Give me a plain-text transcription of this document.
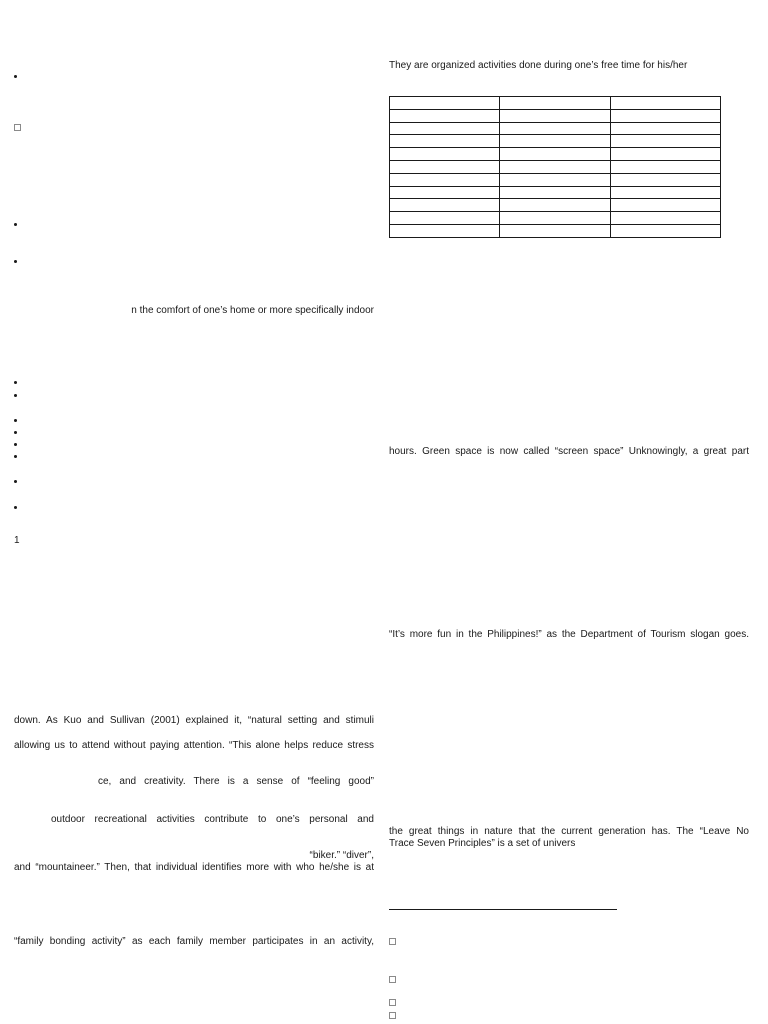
n the comfort of one’s home or more specifically indoor
1
down. As Kuo and Sullivan (2001) explained it, “natural setting and stimuli
allowing us to attend without paying attention. “This alone helps reduce stress
ce, and creativity. There is a sense of “feeling good”
outdoor recreational activities contribute to one’s personal and
“biker.” “diver”,
and “mountaineer.” Then, that individual identifies more with who he/she is at
“family bonding activity” as each family member participates in an activity,
They are organized activities done during one’s free time for his/her

hours. Green space is now called “screen space” Unknowingly, a great part
“It’s more fun in the Philippines!” as the Department of Tourism slogan goes.
the great things in nature that the current generation has. The “Leave No
Trace Seven Principles” is a set of univers
